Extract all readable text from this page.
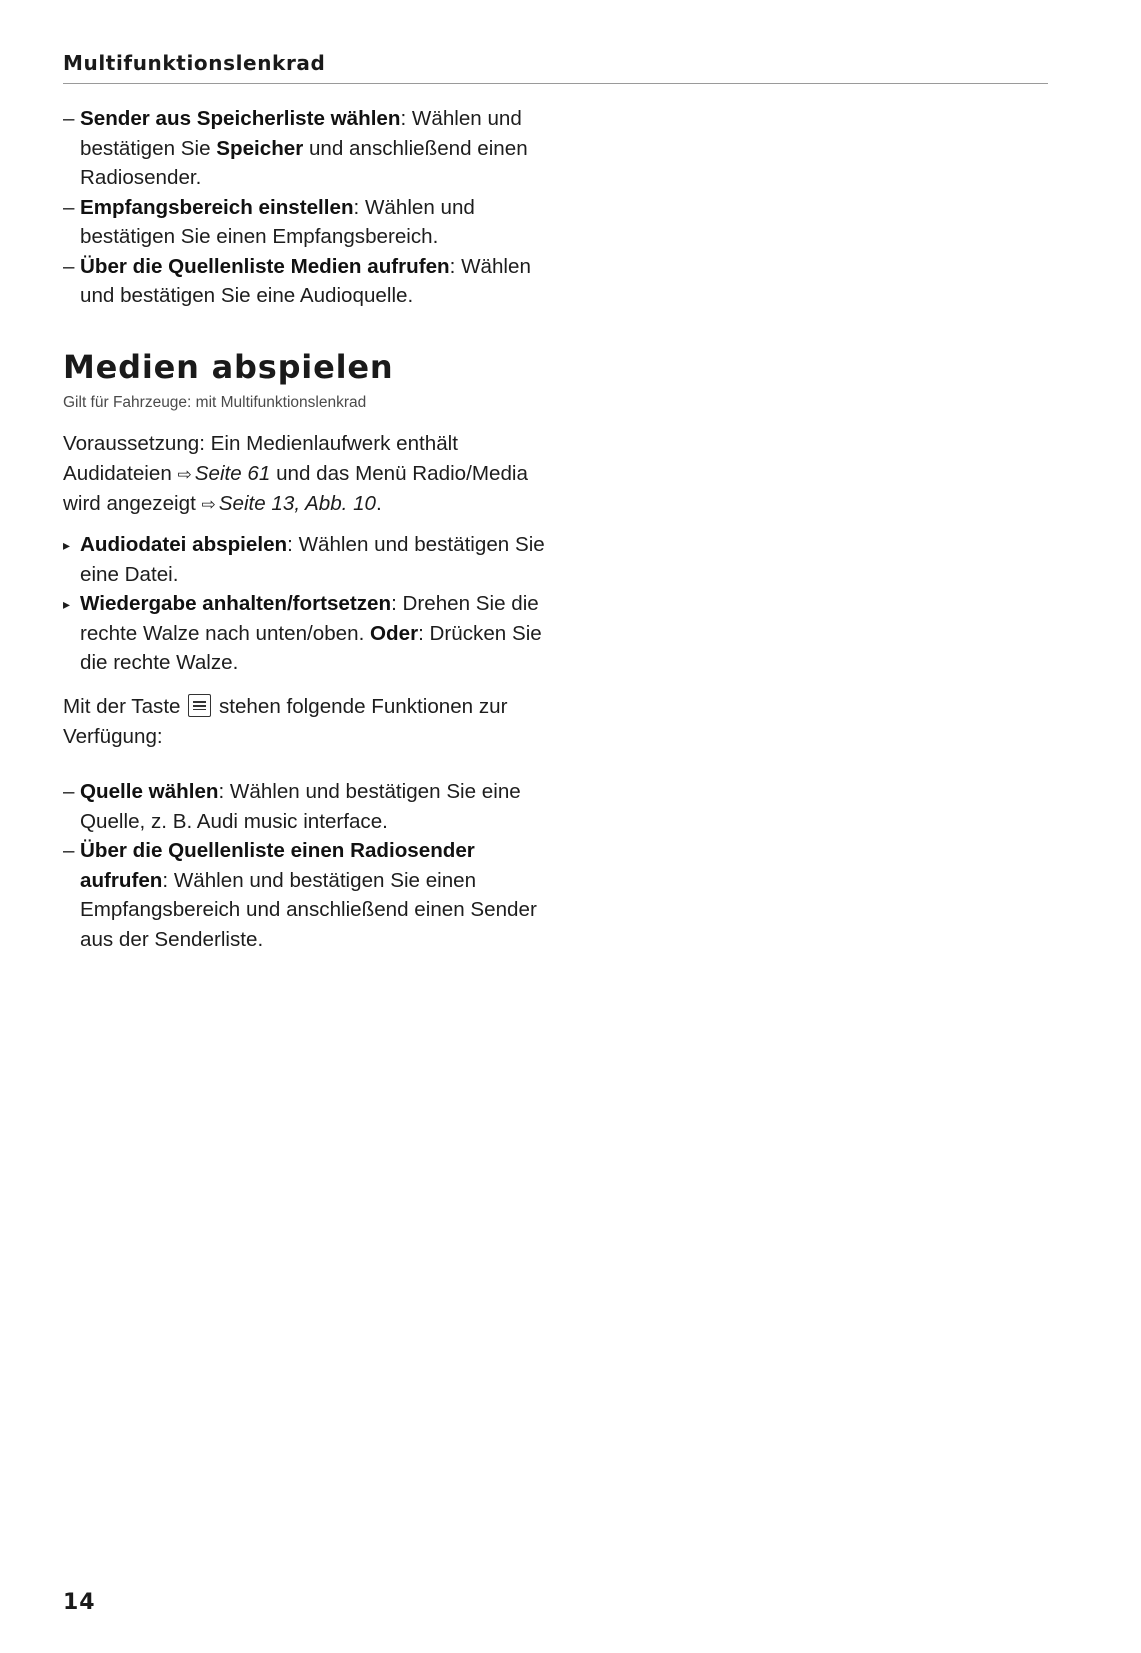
Multifunktionslenkrad
– Sender aus Speicherliste wählen: Wählen und bestätigen Sie Speicher und anschließend einen Radiosender.
– Empfangsbereich einstellen: Wählen und bestätigen Sie einen Empfangsbereich.
– Über die Quellenliste Medien aufrufen: Wählen und bestätigen Sie eine Audioquelle.
Medien abspielen
Gilt für Fahrzeuge: mit Multifunktionslenkrad
Voraussetzung: Ein Medienlaufwerk enthält Audidateien ⇨ Seite 61 und das Menü Radio/Media wird angezeigt ⇨ Seite 13, Abb. 10.
▸ Audiodatei abspielen: Wählen und bestätigen Sie eine Datei.
▸ Wiedergabe anhalten/fortsetzen: Drehen Sie die rechte Walze nach unten/oben. Oder: Drücken Sie die rechte Walze.
Mit der Taste  stehen folgende Funktionen zur Verfügung:
– Quelle wählen: Wählen und bestätigen Sie eine Quelle, z. B. Audi music interface.
– Über die Quellenliste einen Radiosender aufrufen: Wählen und bestätigen Sie einen Empfangsbereich und anschließend einen Sender aus der Senderliste.
14
